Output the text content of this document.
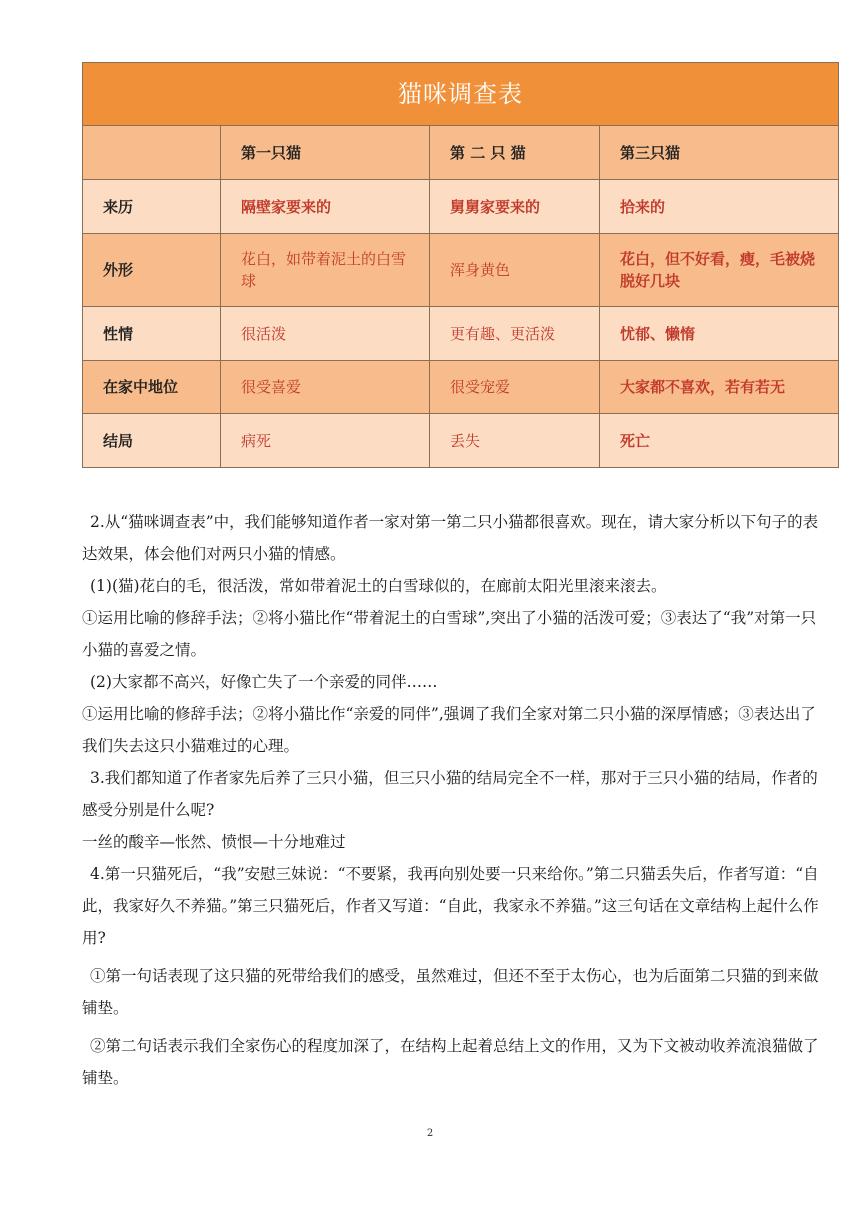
猫咪调查表			
	第一只猫	第 二 只 猫	第三只猫
来历	隔壁家要来的	舅舅家要来的	拾来的
外形	花白，如带着泥土的白雪球	浑身黄色	花白，但不好看，瘦，毛被烧脱好几块
性情	很活泼	更有趣、更活泼	忧郁、懒惰
在家中地位	很受喜爱	很受宠爱	大家都不喜欢，若有若无
结局	病死	丢失	死亡

2.从“猫咪调查表”中，我们能够知道作者一家对第一第二只小猫都很喜欢。现在，请大家分析以下句子的表达效果，体会他们对两只小猫的情感。

(1)(猫)花白的毛，很活泼，常如带着泥土的白雪球似的，在廊前太阳光里滚来滚去。

①运用比喻的修辞手法；②将小猫比作“带着泥土的白雪球”,突出了小猫的活泼可爱；③表达了“我”对第一只小猫的喜爱之情。

(2)大家都不高兴，好像亡失了一个亲爱的同伴……

①运用比喻的修辞手法；②将小猫比作“亲爱的同伴”,强调了我们全家对第二只小猫的深厚情感；③表达出了我们失去这只小猫难过的心理。

3.我们都知道了作者家先后养了三只小猫，但三只小猫的结局完全不一样，那对于三只小猫的结局，作者的感受分别是什么呢?

一丝的酸辛—怅然、愤恨—十分地难过

4.第一只猫死后，“我”安慰三妹说：“不要紧，我再向别处要一只来给你。”第二只猫丢失后，作者写道：“自此，我家好久不养猫。”第三只猫死后，作者又写道：“自此，我家永不养猫。”这三句话在文章结构上起什么作用?

①第一句话表现了这只猫的死带给我们的感受，虽然难过，但还不至于太伤心，也为后面第二只猫的到来做铺垫。

②第二句话表示我们全家伤心的程度加深了，在结构上起着总结上文的作用，又为下文被动收养流浪猫做了铺垫。

2
